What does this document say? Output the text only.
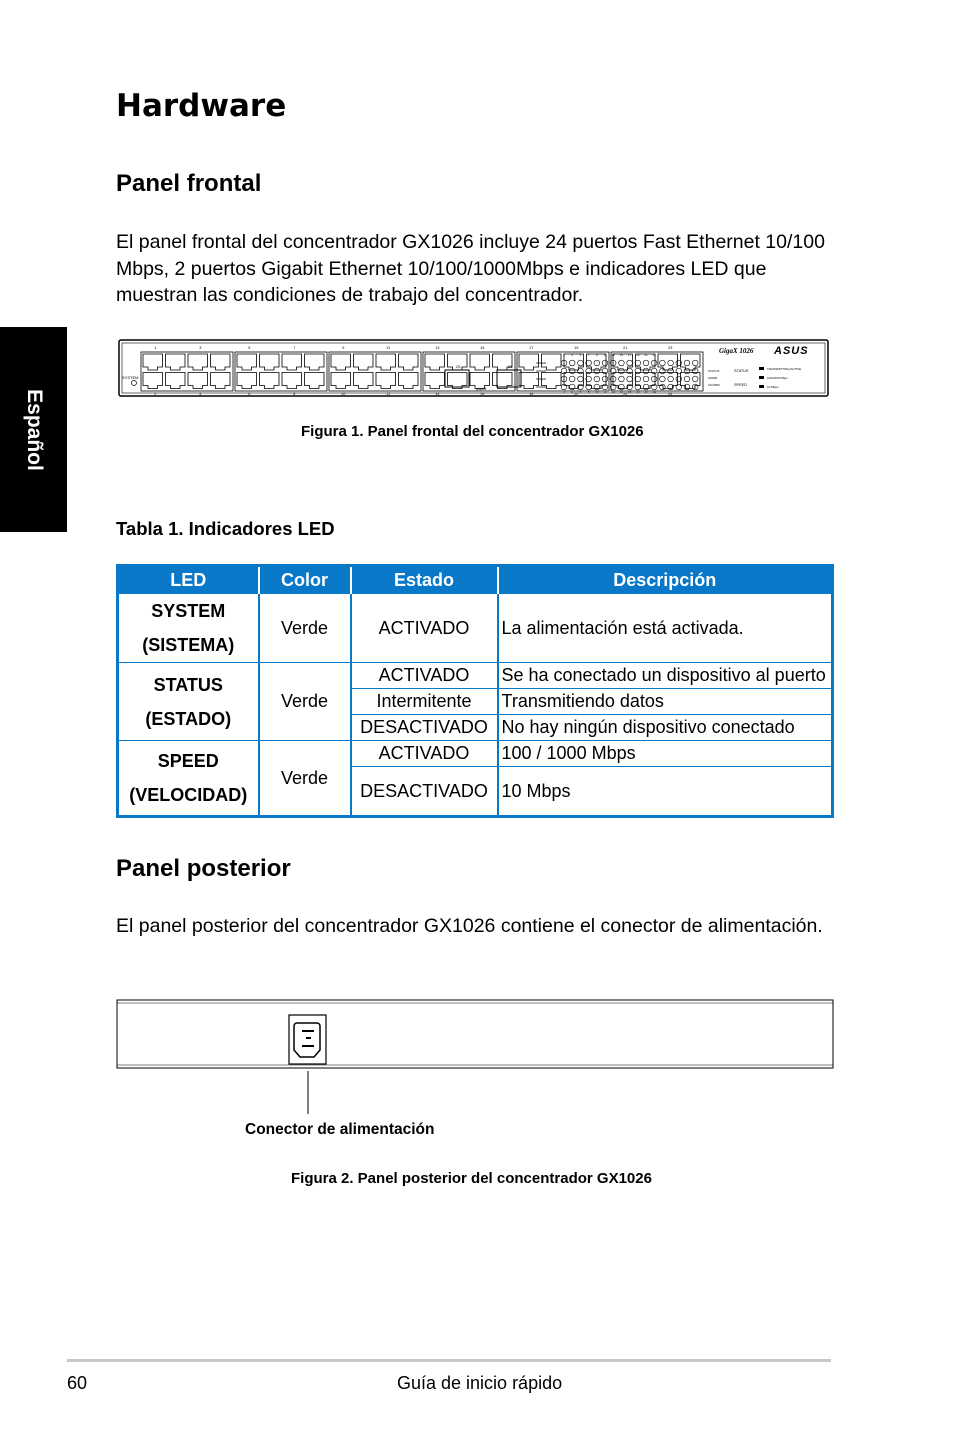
Español
Hardware
Panel frontal
El panel frontal del concentrador GX1026 incluye 24 puertos Fast Ethernet 10/100
Mbps, 2 puertos Gigabit Ethernet 10/100/1000Mbps e indicadores LED que
muestran las condiciones de trabajo del concentrador.
SYSTEM
1
2
3
4
5
6
7
8
9
10
11
12
13
14
15
16
17
18
19
20
21
22
23
24
25	26
gigabit
SPEED
SPEED
SPEED
SPEED
1
2
3
4
5
6
7
8
9
10
11
12
13
14
15
16
17
18
19
20
21
22
23
24
STATUS
1000M
10/100M
STATUS
SPEED
TRANSMITTING/ACTIVE
100/1000 Mbps
10 Mbps
GigaX 1026 ASUS
Figura 1. Panel frontal del concentrador GX1026
Tabla 1. Indicadores LED
LED	Color	Estado	Descripción

SYSTEM
(SISTEMA)	Verde	ACTIVADO	La alimentación está activada.

STATUS
(ESTADO)	Verde	ACTIVADO	Se ha conectado un dispositivo al puerto
		Intermitente	Transmitiendo datos
		DESACTIVADO	No hay ningún dispositivo conectado

SPEED
(VELOCIDAD)	Verde	ACTIVADO	100 / 1000 Mbps
		DESACTIVADO	10 Mbps
Panel posterior
El panel posterior del concentrador GX1026 contiene el conector de alimentación.
Conector de alimentación
Figura 2. Panel posterior del concentrador GX1026
60	Guía de inicio rápido
